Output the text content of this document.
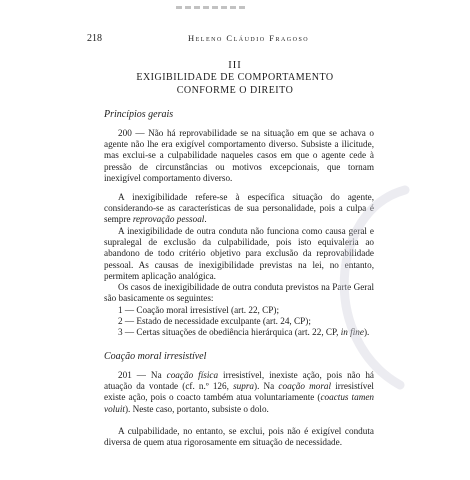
218	Heleno Cláudio Fragoso
III
EXIGIBILIDADE DE COMPORTAMENTO
CONFORME O DIREITO
Princípios gerais

200 — Não há reprovabilidade se na situação em que se achava o agente não lhe era exigível comportamento diverso. Subsiste a ilicitude, mas exclui-se a culpabilidade naqueles casos em que o agente cede à pressão de circunstâncias ou motivos excepcionais, que tornam inexigível comportamento diverso.

A inexigibilidade refere-se à específica situação do agente, considerando-se as características de sua personalidade, pois a culpa é sempre reprovação pessoal.

A inexigibilidade de outra conduta não funciona como causa geral e supralegal de exclusão da culpabilidade, pois isto equivaleria ao abandono de todo critério objetivo para exclusão da reprovabilidade pessoal. As causas de inexigibilidade previstas na lei, no entanto, permitem aplicação analógica.

Os casos de inexigibilidade de outra conduta previstos na Parte Geral são basicamente os seguintes:

1 — Coação moral irresistível (art. 22, CP);
2 — Estado de necessidade exculpante (art. 24, CP);
3 — Certas situações de obediência hierárquica (art. 22, CP, in fine).
Coação moral irresistível

201 — Na coação física irresistível, inexiste ação, pois não há atuação da vontade (cf. n.º 126, supra). Na coação moral irresistível existe ação, pois o coacto também atua voluntariamente (coactus tamen voluit). Neste caso, portanto, subsiste o dolo.

A culpabilidade, no entanto, se exclui, pois não é exigível conduta diversa de quem atua rigorosamente em situação de necessidade.
